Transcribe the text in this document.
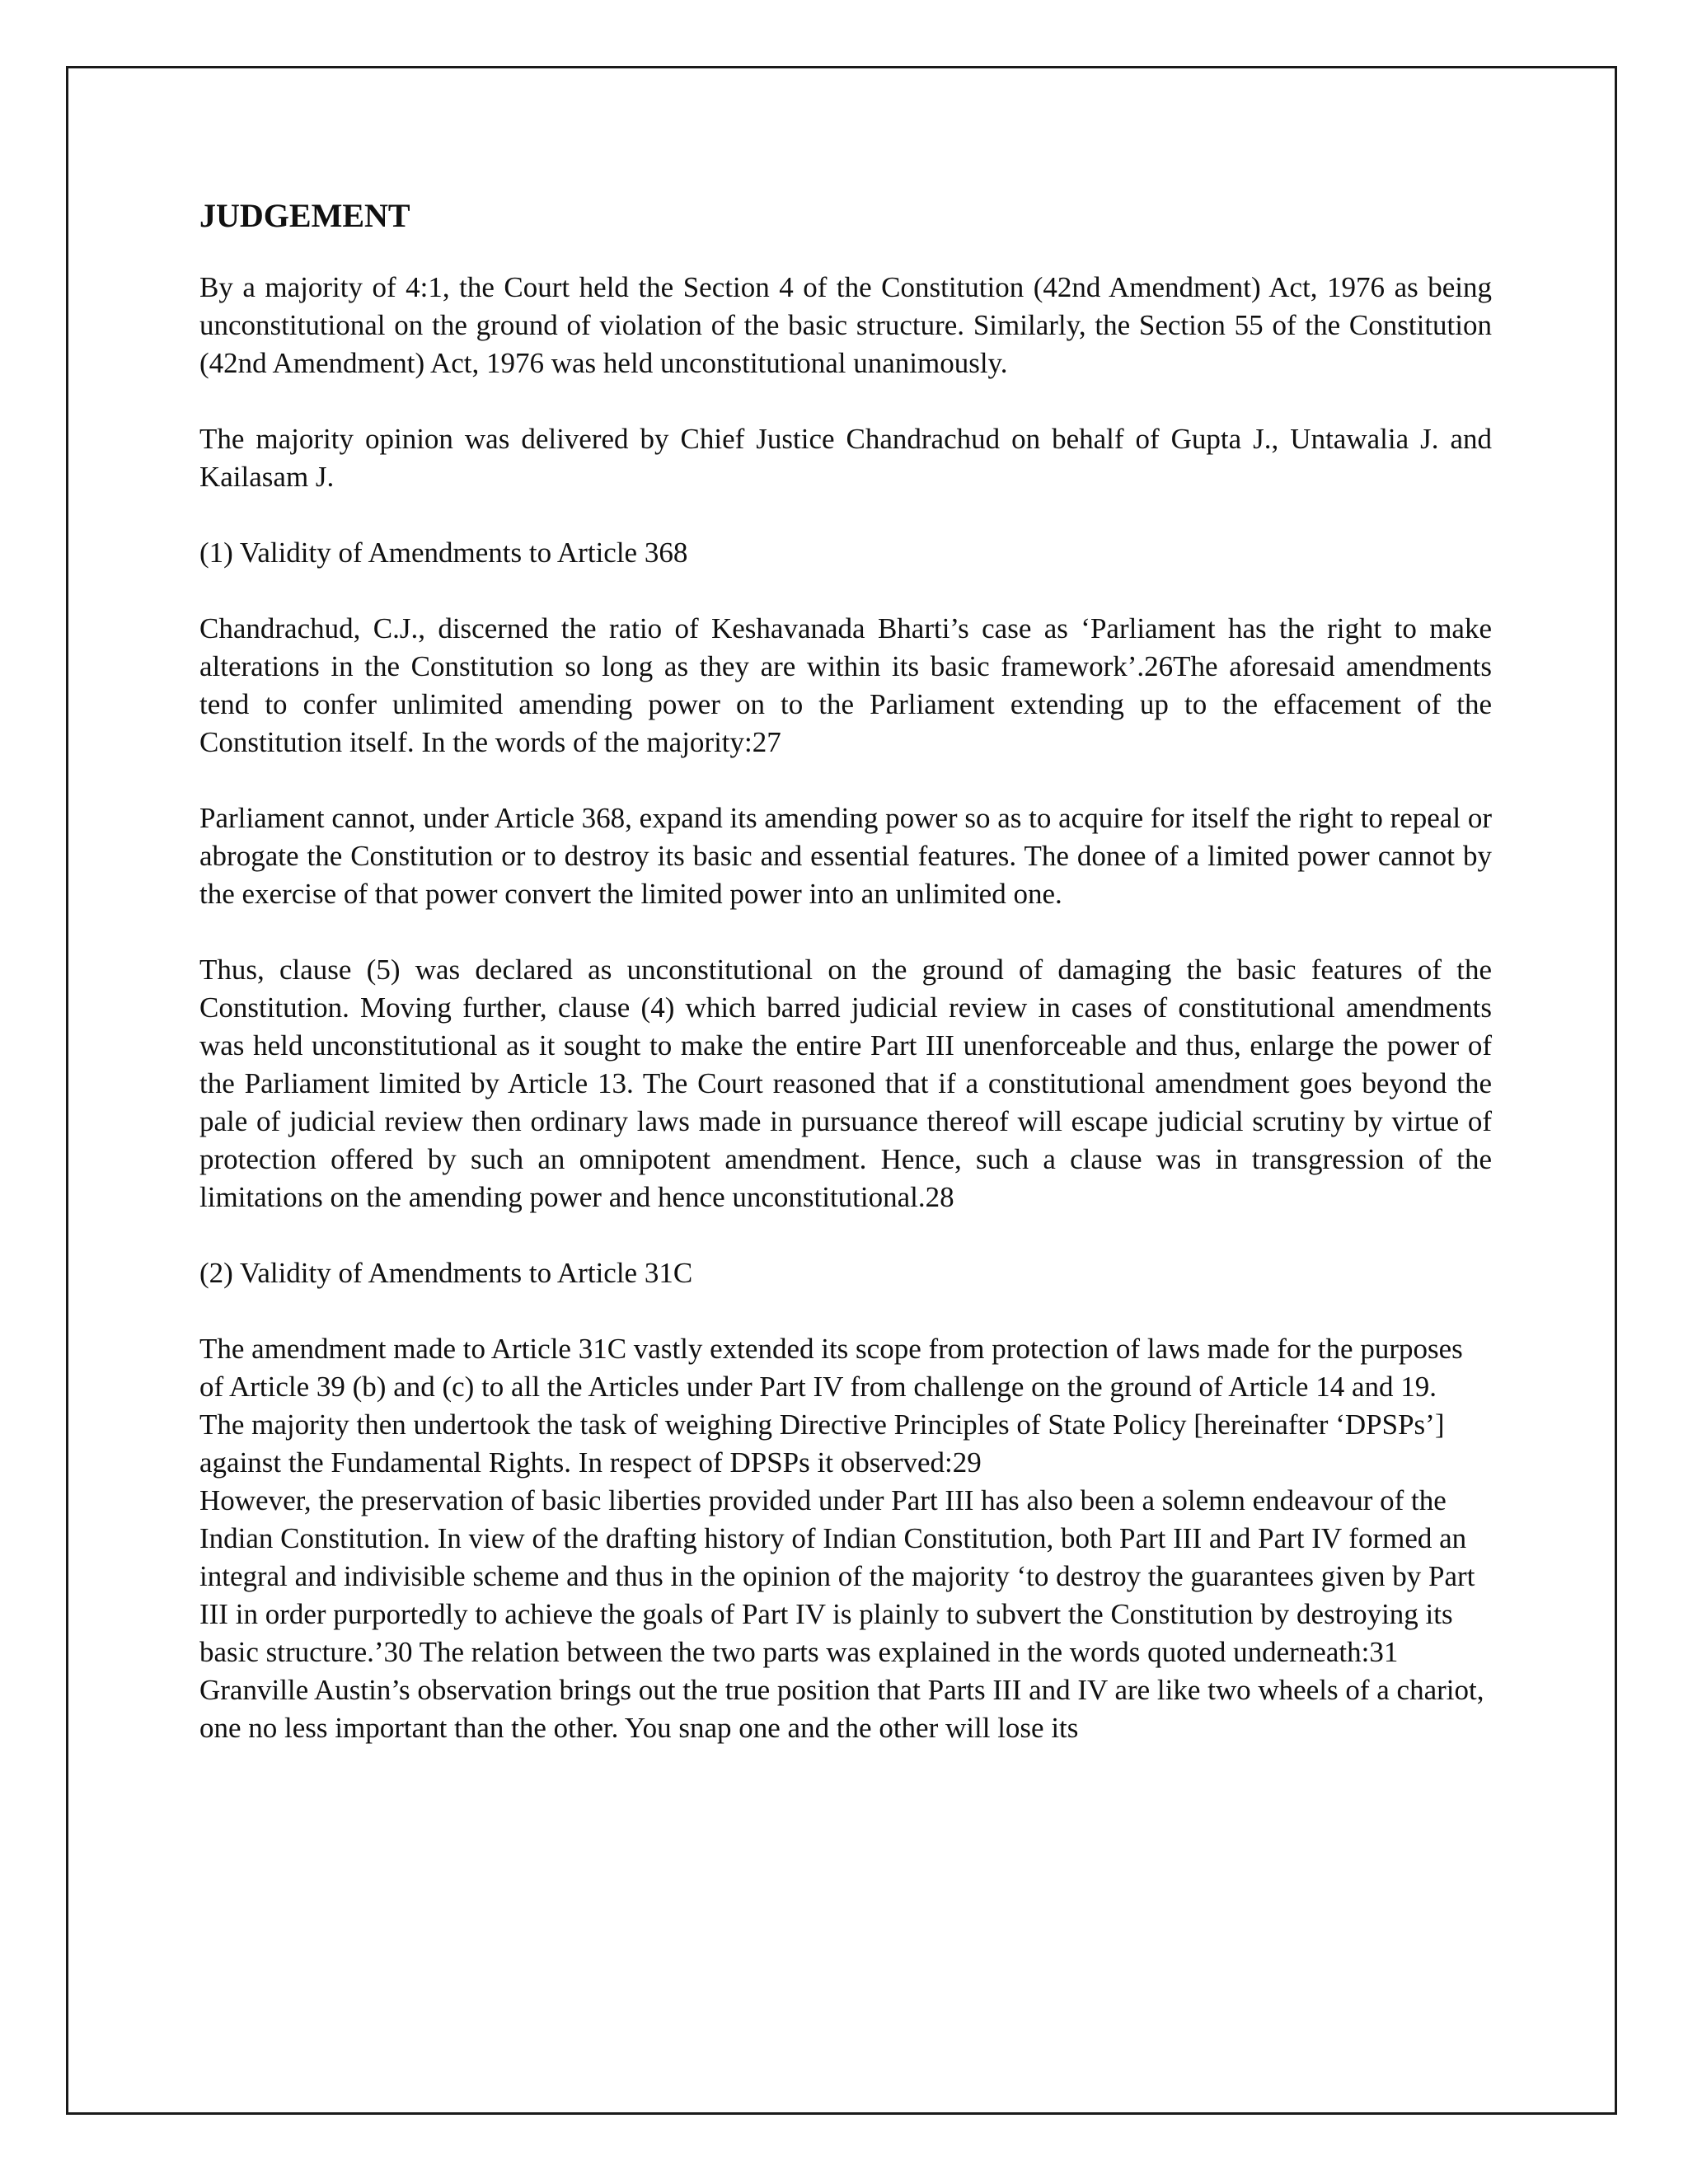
JUDGEMENT

By a majority of 4:1, the Court held the Section 4 of the Constitution (42nd Amendment) Act, 1976 as being unconstitutional on the ground of violation of the basic structure. Similarly, the Section 55 of the Constitution (42nd Amendment) Act, 1976 was held unconstitutional unanimously.

The majority opinion was delivered by Chief Justice Chandrachud on behalf of Gupta J., Untawalia J. and Kailasam J.

(1) Validity of Amendments to Article 368

Chandrachud, C.J., discerned the ratio of Keshavanada Bharti’s case as ‘Parliament has the right to make alterations in the Constitution so long as they are within its basic framework’.26The aforesaid amendments tend to confer unlimited amending power on to the Parliament extending up to the effacement of the Constitution itself. In the words of the majority:27

Parliament cannot, under Article 368, expand its amending power so as to acquire for itself the right to repeal or abrogate the Constitution or to destroy its basic and essential features. The donee of a limited power cannot by the exercise of that power convert the limited power into an unlimited one.

Thus, clause (5) was declared as unconstitutional on the ground of damaging the basic features of the Constitution. Moving further, clause (4) which barred judicial review in cases of constitutional amendments was held unconstitutional as it sought to make the entire Part III unenforceable and thus, enlarge the power of the Parliament limited by Article 13. The Court reasoned that if a constitutional amendment goes beyond the pale of judicial review then ordinary laws made in pursuance thereof will escape judicial scrutiny by virtue of protection offered by such an omnipotent amendment. Hence, such a clause was in transgression of the limitations on the amending power and hence unconstitutional.28

(2) Validity of Amendments to Article 31C

The amendment made to Article 31C vastly extended its scope from protection of laws made for the purposes of Article 39 (b) and (c) to all the Articles under Part IV from challenge on the ground of Article 14 and 19.

The majority then undertook the task of weighing Directive Principles of State Policy [hereinafter ‘DPSPs’] against the Fundamental Rights. In respect of DPSPs it observed:29

However, the preservation of basic liberties provided under Part III has also been a solemn endeavour of the Indian Constitution. In view of the drafting history of Indian Constitution, both Part III and Part IV formed an integral and indivisible scheme and thus in the opinion of the majority ‘to destroy the guarantees given by Part III in order purportedly to achieve the goals of Part IV is plainly to subvert the Constitution by destroying its basic structure.’30 The relation between the two parts was explained in the words quoted underneath:31

Granville Austin’s observation brings out the true position that Parts III and IV are like two wheels of a chariot, one no less important than the other. You snap one and the other will lose its
